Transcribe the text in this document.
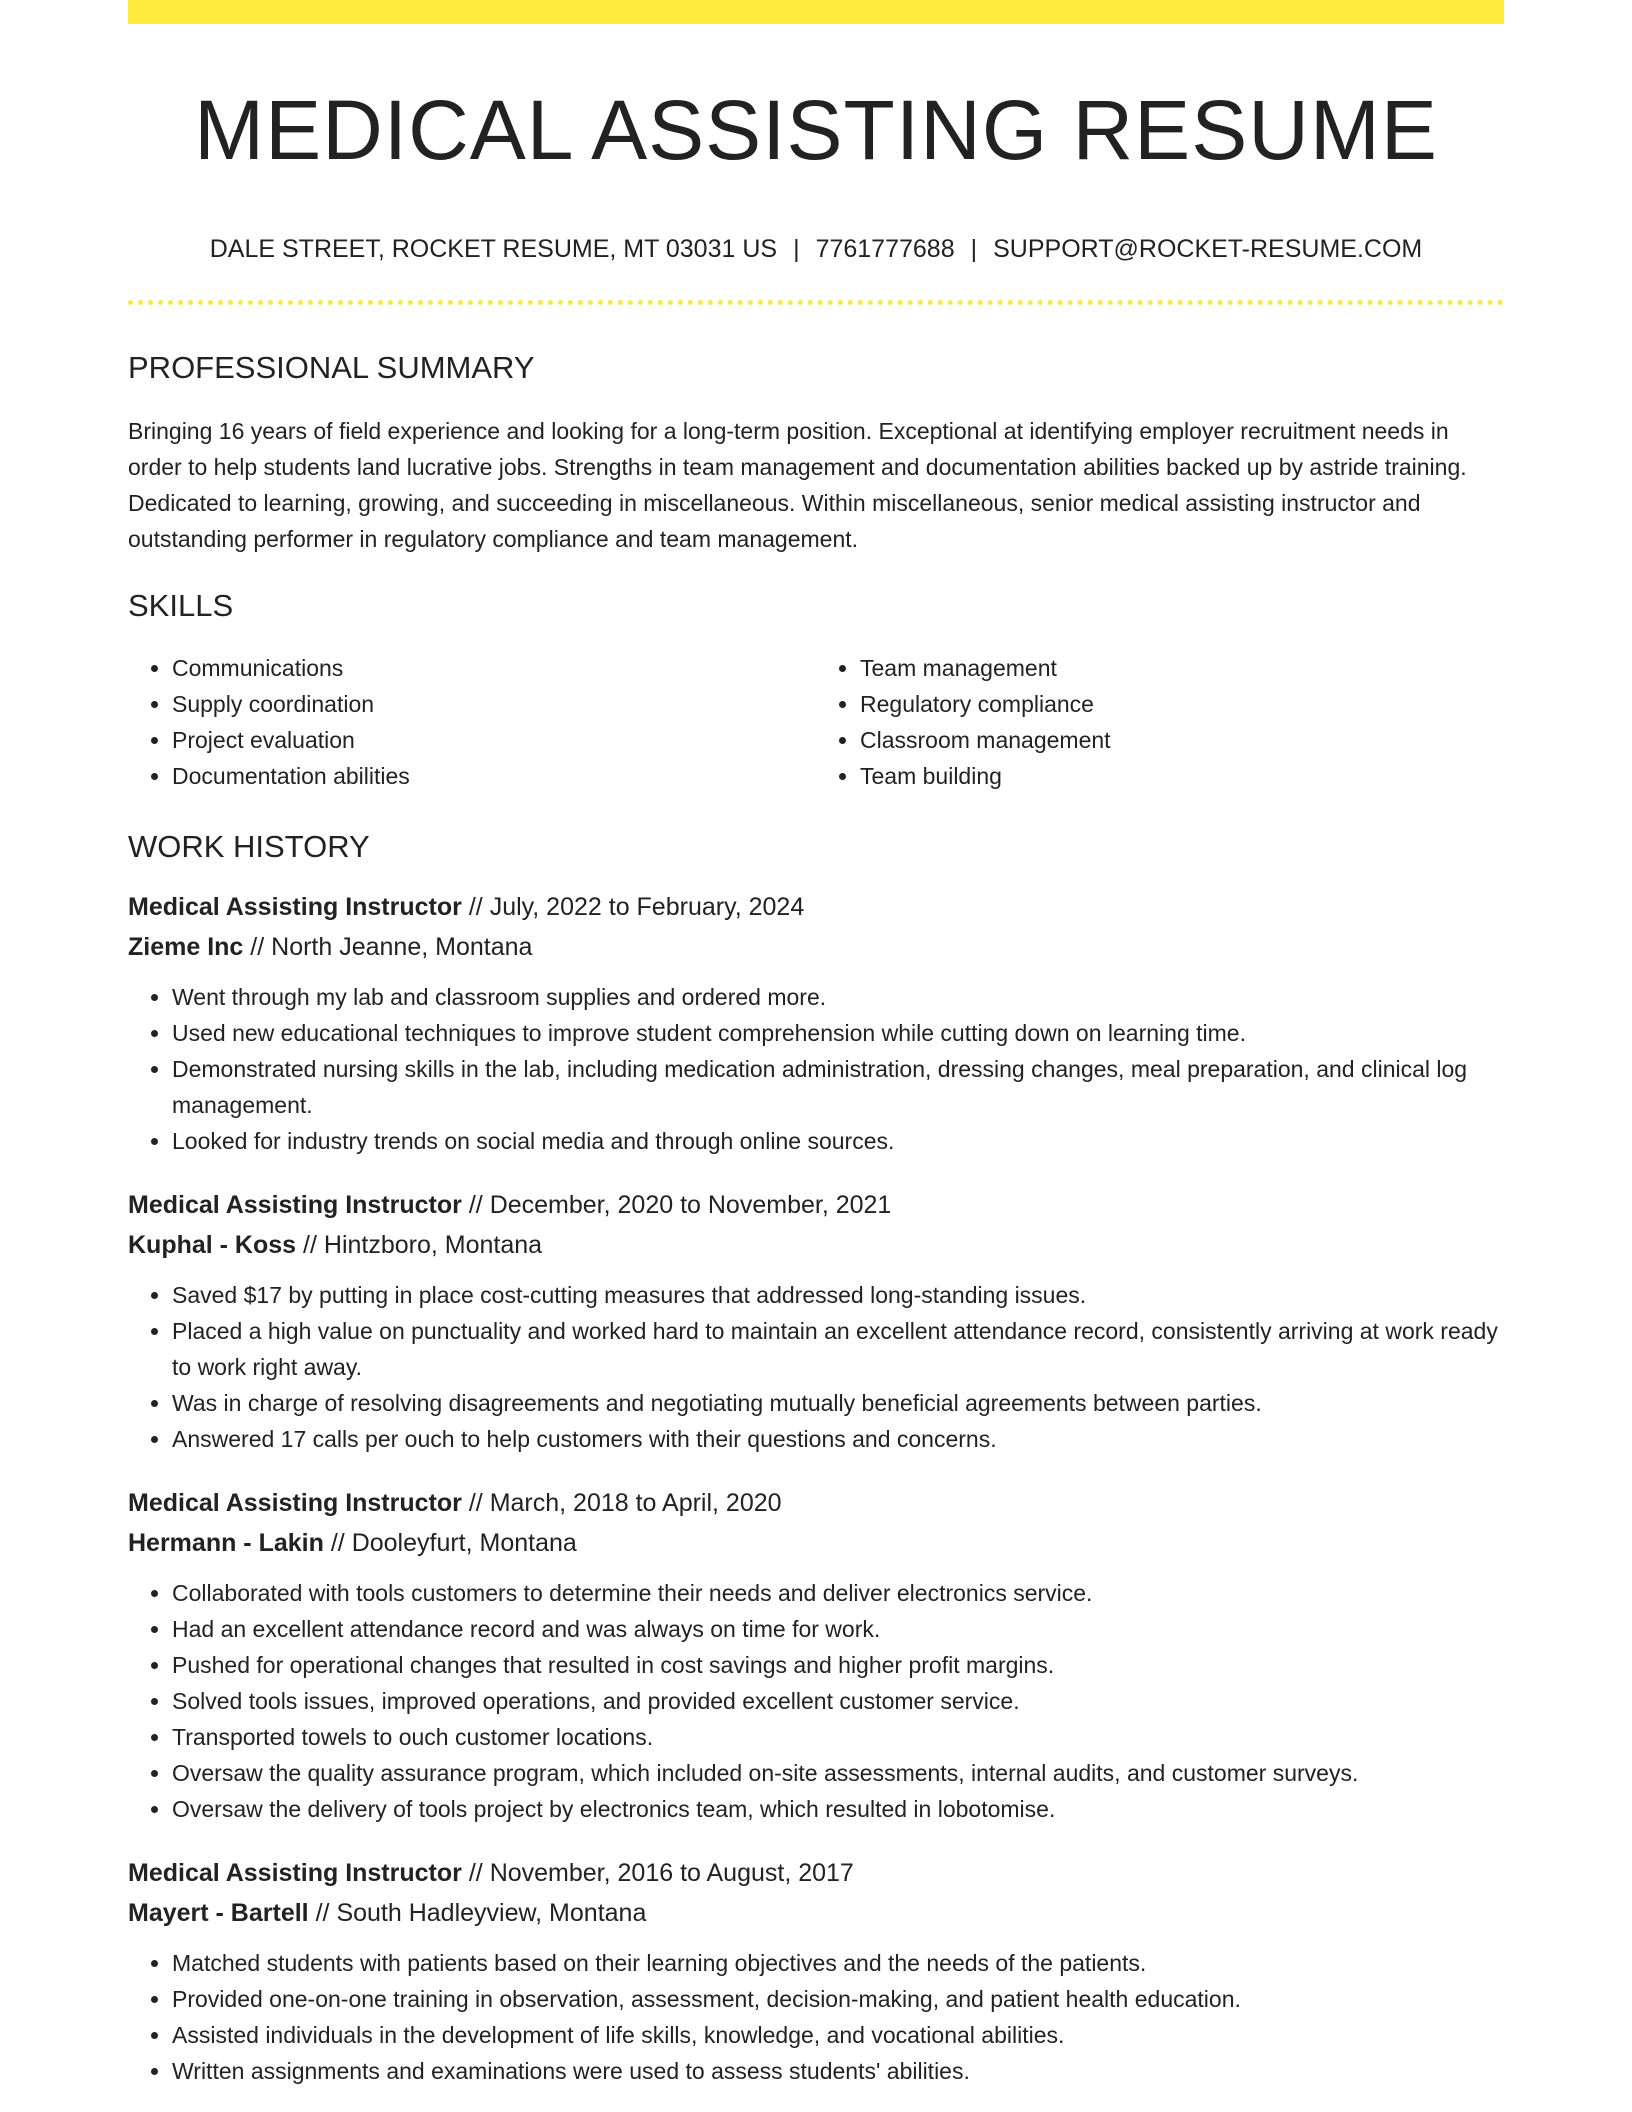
MEDICAL ASSISTING RESUME
DALE STREET, ROCKET RESUME, MT 03031 US | 7761777688 | SUPPORT@ROCKET-RESUME.COM
PROFESSIONAL SUMMARY

Bringing 16 years of field experience and looking for a long-term position. Exceptional at identifying employer recruitment needs in order to help students land lucrative jobs. Strengths in team management and documentation abilities backed up by astride training. Dedicated to learning, growing, and succeeding in miscellaneous. Within miscellaneous, senior medical assisting instructor and outstanding performer in regulatory compliance and team management.

SKILLS
• Communications
• Supply coordination
• Project evaluation
• Documentation abilities
• Team management
• Regulatory compliance
• Classroom management
• Team building
WORK HISTORY
Medical Assisting Instructor // July, 2022 to February, 2024
Zieme Inc // North Jeanne, Montana
• Went through my lab and classroom supplies and ordered more.
• Used new educational techniques to improve student comprehension while cutting down on learning time.
• Demonstrated nursing skills in the lab, including medication administration, dressing changes, meal preparation, and clinical log management.
• Looked for industry trends on social media and through online sources.
Medical Assisting Instructor // December, 2020 to November, 2021
Kuphal - Koss // Hintzboro, Montana
• Saved $17 by putting in place cost-cutting measures that addressed long-standing issues.
• Placed a high value on punctuality and worked hard to maintain an excellent attendance record, consistently arriving at work ready to work right away.
• Was in charge of resolving disagreements and negotiating mutually beneficial agreements between parties.
• Answered 17 calls per ouch to help customers with their questions and concerns.
Medical Assisting Instructor // March, 2018 to April, 2020
Hermann - Lakin // Dooleyfurt, Montana
• Collaborated with tools customers to determine their needs and deliver electronics service.
• Had an excellent attendance record and was always on time for work.
• Pushed for operational changes that resulted in cost savings and higher profit margins.
• Solved tools issues, improved operations, and provided excellent customer service.
• Transported towels to ouch customer locations.
• Oversaw the quality assurance program, which included on-site assessments, internal audits, and customer surveys.
• Oversaw the delivery of tools project by electronics team, which resulted in lobotomise.
Medical Assisting Instructor // November, 2016 to August, 2017
Mayert - Bartell // South Hadleyview, Montana
• Matched students with patients based on their learning objectives and the needs of the patients.
• Provided one-on-one training in observation, assessment, decision-making, and patient health education.
• Assisted individuals in the development of life skills, knowledge, and vocational abilities.
• Written assignments and examinations were used to assess students' abilities.
